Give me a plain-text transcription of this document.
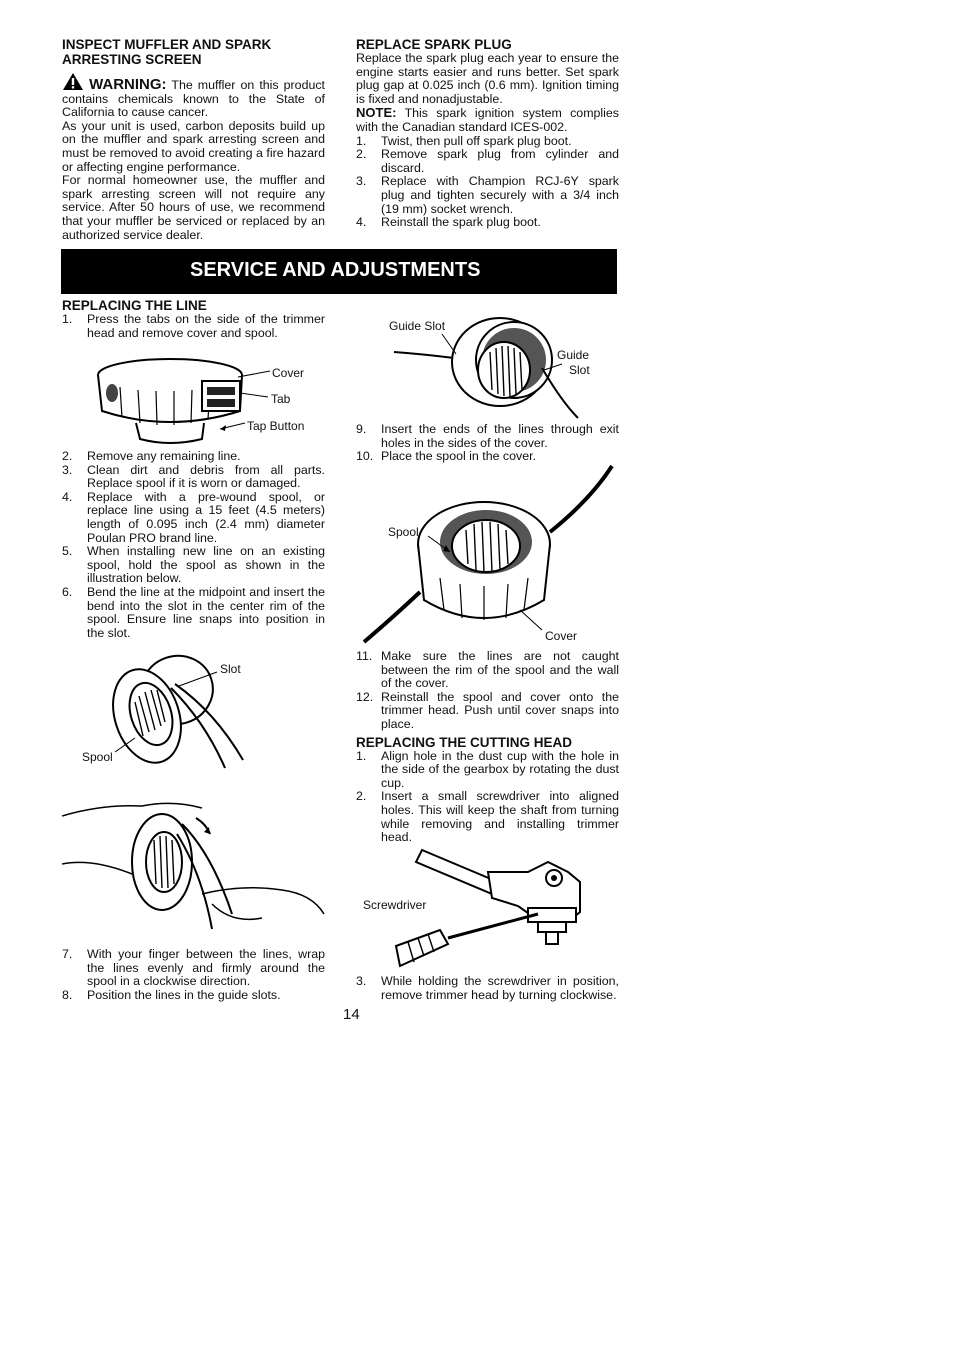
INSPECT MUFFLER AND SPARK
ARRESTING SCREEN

WARNING: The muffler on this product contains chemicals known to the State of California to cause cancer.

As your unit is used, carbon deposits build up on the muffler and spark arresting screen and must be removed to avoid creating a fire hazard or affecting engine performance.

For normal homeowner use, the muffler and spark arresting screen will not require any service. After 50 hours of use, we recommend that your muffler be serviced or replaced by an authorized service dealer.

REPLACE SPARK PLUG

Replace the spark plug each year to ensure the engine starts easier and runs better. Set spark plug gap at 0.025 inch (0.6 mm). Ignition timing is fixed and nonadjustable.

NOTE: This spark ignition system complies with the Canadian standard ICES-002.

1. Twist, then pull off spark plug boot.
2. Remove spark plug from cylinder and discard.
3. Replace with Champion RCJ-6Y spark plug and tighten securely with a 3/4 inch (19 mm) socket wrench.
4. Reinstall the spark plug boot.
SERVICE AND ADJUSTMENTS
REPLACING THE LINE
1. Press the tabs on the side of the trimmer head and remove cover and spool.
Cover
Tab
Tap Button
2. Remove any remaining line.
3. Clean dirt and debris from all parts. Replace spool if it is worn or damaged.
4. Replace with a pre-wound spool, or replace line using a 15 feet (4.5 meters) length of 0.095 inch (2.4 mm) diameter Poulan PRO brand line.
5. When installing new line on an existing spool, hold the spool as shown in the illustration below.
6. Bend the line at the midpoint and insert the bend into the slot in the center rim of the spool. Ensure line snaps into position in the slot.
Slot
Spool
7. With your finger between the lines, wrap the lines evenly and firmly around the spool in a clockwise direction.
8. Position the lines in the guide slots.
Guide Slot
Guide
Slot
9. Insert the ends of the lines through exit holes in the sides of the cover.
10. Place the spool in the cover.
Spool
Cover
11. Make sure the lines are not caught between the rim of the spool and the wall of the cover.
12. Reinstall the spool and cover onto the trimmer head. Push until cover snaps into place.
REPLACING THE CUTTING HEAD
1. Align hole in the dust cup with the hole in the side of the gearbox by rotating the dust cup.
2. Insert a small screwdriver into aligned holes. This will keep the shaft from turning while removing and installing trimmer head.
Screwdriver
3. While holding the screwdriver in position, remove trimmer head by turning clockwise.
14
